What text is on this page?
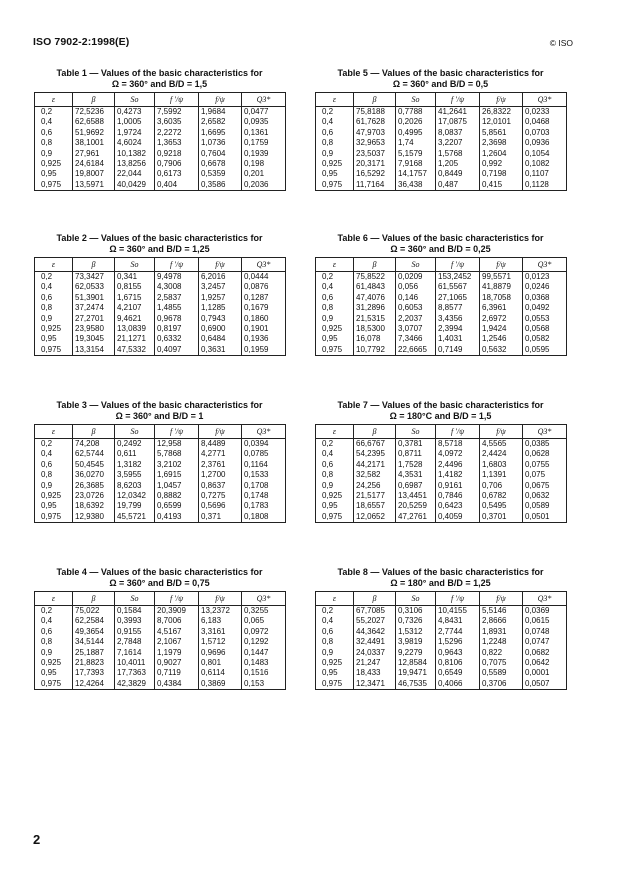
ISO 7902-2:1998(E)	© ISO
Table 1 — Values of the basic characteristics for
Ω = 360° and B/D = 1,5
ε	β	So	f '/ψ	f/ψ	Q3*
0,2	72,5236	0,4273	7,5992	1,9684	0,0477
0,4	62,6588	1,0005	3,6035	2,6582	0,0935
0,6	51,9692	1,9724	2,2272	1,6695	0,1361
0,8	38,1001	4,6024	1,3653	1,0736	0,1759
0,9	27,961	10,1382	0,9218	0,7604	0,1939
0,925	24,6184	13,8256	0,7906	0,6678	0,198
0,95	19,8007	22,044	0,6173	0,5359	0,201
0,975	13,5971	40,0429	0,404	0,3586	0,2036
Table 5 — Values of the basic characteristics for
Ω = 360° and B/D = 0,5
ε	β	So	f '/ψ	f/ψ	Q3*
0,2	75,8188	0,7788	41,2641	26,8322	0,0233
0,4	61,7628	0,2026	17,0875	12,0101	0,0468
0,6	47,9703	0,4995	8,0837	5,8561	0,0703
0,8	32,9653	1,74	3,2207	2,3698	0,0936
0,9	23,5037	5,1579	1,5768	1,2604	0,1054
0,925	20,3171	7,9168	1,205	0,992	0,1082
0,95	16,5292	14,1757	0,8449	0,7198	0,1107
0,975	11,7164	36,438	0,487	0,415	0,1128
Table 2 — Values of the basic characteristics for
Ω = 360° and B/D = 1,25
ε	β	So	f '/ψ	f/ψ	Q3*
0,2	73,3427	0,341	9,4978	6,2016	0,0444
0,4	62,0533	0,8155	4,3008	3,2457	0,0876
0,6	51,3901	1,6715	2,5837	1,9257	0,1287
0,8	37,2474	4,2107	1,4855	1,1285	0,1679
0,9	27,2701	9,4621	0,9678	0,7943	0,1860
0,925	23,9580	13,0839	0,8197	0,6900	0,1901
0,95	19,3045	21,1271	0,6332	0,6484	0,1936
0,975	13,3154	47,5332	0,4097	0,3631	0,1959
Table 6 — Values of the basic characteristics for
Ω = 360° and B/D = 0,25
ε	β	So	f '/ψ	f/ψ	Q3*
0,2	75,8522	0,0209	153,2452	99,5571	0,0123
0,4	61,4843	0,056	61,5567	41,8879	0,0246
0,6	47,4076	0,146	27,1065	18,7058	0,0368
0,8	31,2896	0,6053	8,8577	6,3961	0,0492
0,9	21,5315	2,2037	3,4356	2,6972	0,0553
0,925	18,5300	3,0707	2,3994	1,9424	0,0568
0,95	16,078	7,3466	1,4031	1,2546	0,0582
0,975	10,7792	22,6665	0,7149	0,5632	0,0595
Table 3 — Values of the basic characteristics for
Ω = 360° and B/D = 1
ε	β	So	f '/ψ	f/ψ	Q3*
0,2	74,208	0,2492	12,958	8,4489	0,0394
0,4	62,5744	0,611	5,7868	4,2771	0,0785
0,6	50,4545	1,3182	3,2102	2,3761	0,1164
0,8	36,0270	3,5955	1,6915	1,2700	0,1533
0,9	26,3685	8,6203	1,0457	0,8637	0,1708
0,925	23,0726	12,0342	0,8882	0,7275	0,1748
0,95	18,6392	19,799	0,6599	0,5696	0,1783
0,975	12,9380	45,5721	0,4193	0,371	0,1808
Table 7 — Values of the basic characteristics for
Ω = 180°C and B/D = 1,5
ε	β	So	f '/ψ	f/ψ	Q3*
0,2	66,6767	0,3781	8,5718	4,5565	0,0385
0,4	54,2395	0,8711	4,0972	2,4424	0,0628
0,6	44,2171	1,7528	2,4496	1,6803	0,0755
0,8	32,582	4,3531	1,4182	1,1391	0,075
0,9	24,256	0,6987	0,9161	0,706	0,0675
0,925	21,5177	13,4451	0,7846	0,6782	0,0632
0,95	18,6557	20,5259	0,6423	0,5495	0,0589
0,975	12,0652	47,2761	0,4059	0,3701	0,0501
Table 4 — Values of the basic characteristics for
Ω = 360° and B/D = 0,75
ε	β	So	f '/ψ	f/ψ	Q3*
0,2	75,022	0,1584	20,3909	13,2372	0,3255
0,4	62,2584	0,3993	8,7006	6,183	0,065
0,6	49,3654	0,9155	4,5167	3,3161	0,0972
0,8	34,5144	2,7848	2,1067	1,5712	0,1292
0,9	25,1887	7,1614	1,1979	0,9696	0,1447
0,925	21,8823	10,4011	0,9027	0,801	0,1483
0,95	17,7393	17,7363	0,7119	0,6114	0,1516
0,975	12,4264	42,3829	0,4384	0,3869	0,153
Table 8 — Values of the basic characteristics for
Ω = 180° and B/D = 1,25
ε	β	So	f '/ψ	f/ψ	Q3*
0,2	67,7085	0,3106	10,4155	5,5146	0,0369
0,4	55,2027	0,7326	4,8431	2,8666	0,0615
0,6	44,3642	1,5312	2,7744	1,8931	0,0748
0,8	32,4491	3,9819	1,5296	1,2248	0,0747
0,9	24,0337	9,2279	0,9643	0,822	0,0682
0,925	21,247	12,8584	0,8106	0,7075	0,0642
0,95	18,433	19,9471	0,6549	0,5589	0,0001
0,975	12,3471	46,7535	0,4066	0,3706	0,0507
2
